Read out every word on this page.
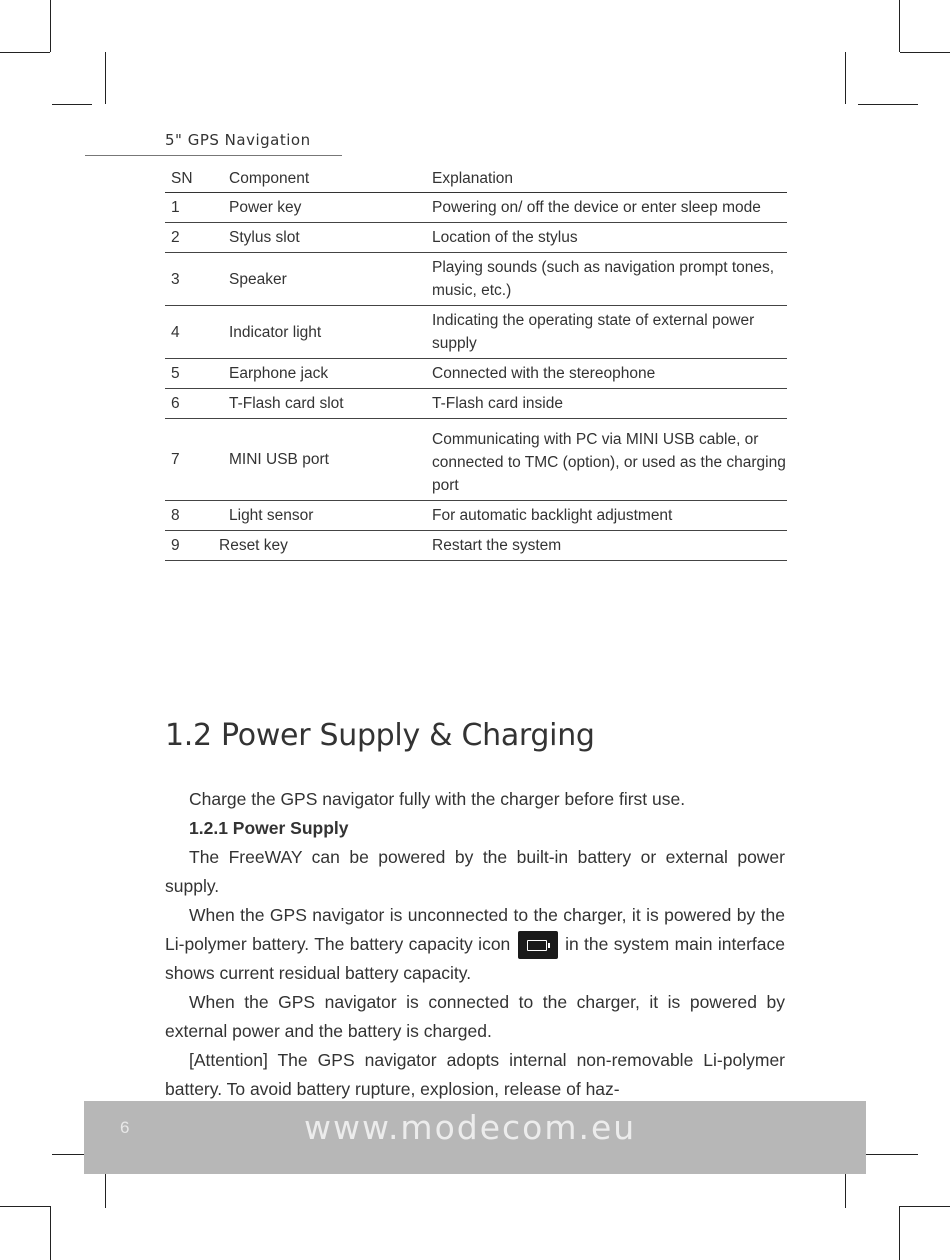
5" GPS Navigation
SN	Component	Explanation
1	Power key	Powering on/ off the device or enter sleep mode
2	Stylus slot	Location of the stylus
3	Speaker	Playing sounds (such as navigation prompt tones, music, etc.)
4	Indicator light	Indicating the operating state of external power supply
5	Earphone jack	Connected with the stereophone
6	T-Flash card slot	T-Flash card inside
7	MINI USB port	Communicating with PC via MINI USB cable, or connected to TMC (option), or used as the charging port
8	Light sensor	For automatic backlight adjustment
9	Reset key	Restart the system
1.2 Power Supply & Charging

Charge the GPS navigator fully with the charger before first use.

1.2.1 Power Supply

The FreeWAY can be powered by the built-in battery or external power supply.

When the GPS navigator is unconnected to the charger, it is powered by the Li-polymer battery. The battery capacity icon	in the system main interface shows current residual battery capacity.

When the GPS navigator is connected to the charger, it is powered by external power and the battery is charged.

[Attention] The GPS navigator adopts internal non-removable Li-polymer battery. To avoid battery rupture, explosion, release of haz-

6	www.modecom.eu
